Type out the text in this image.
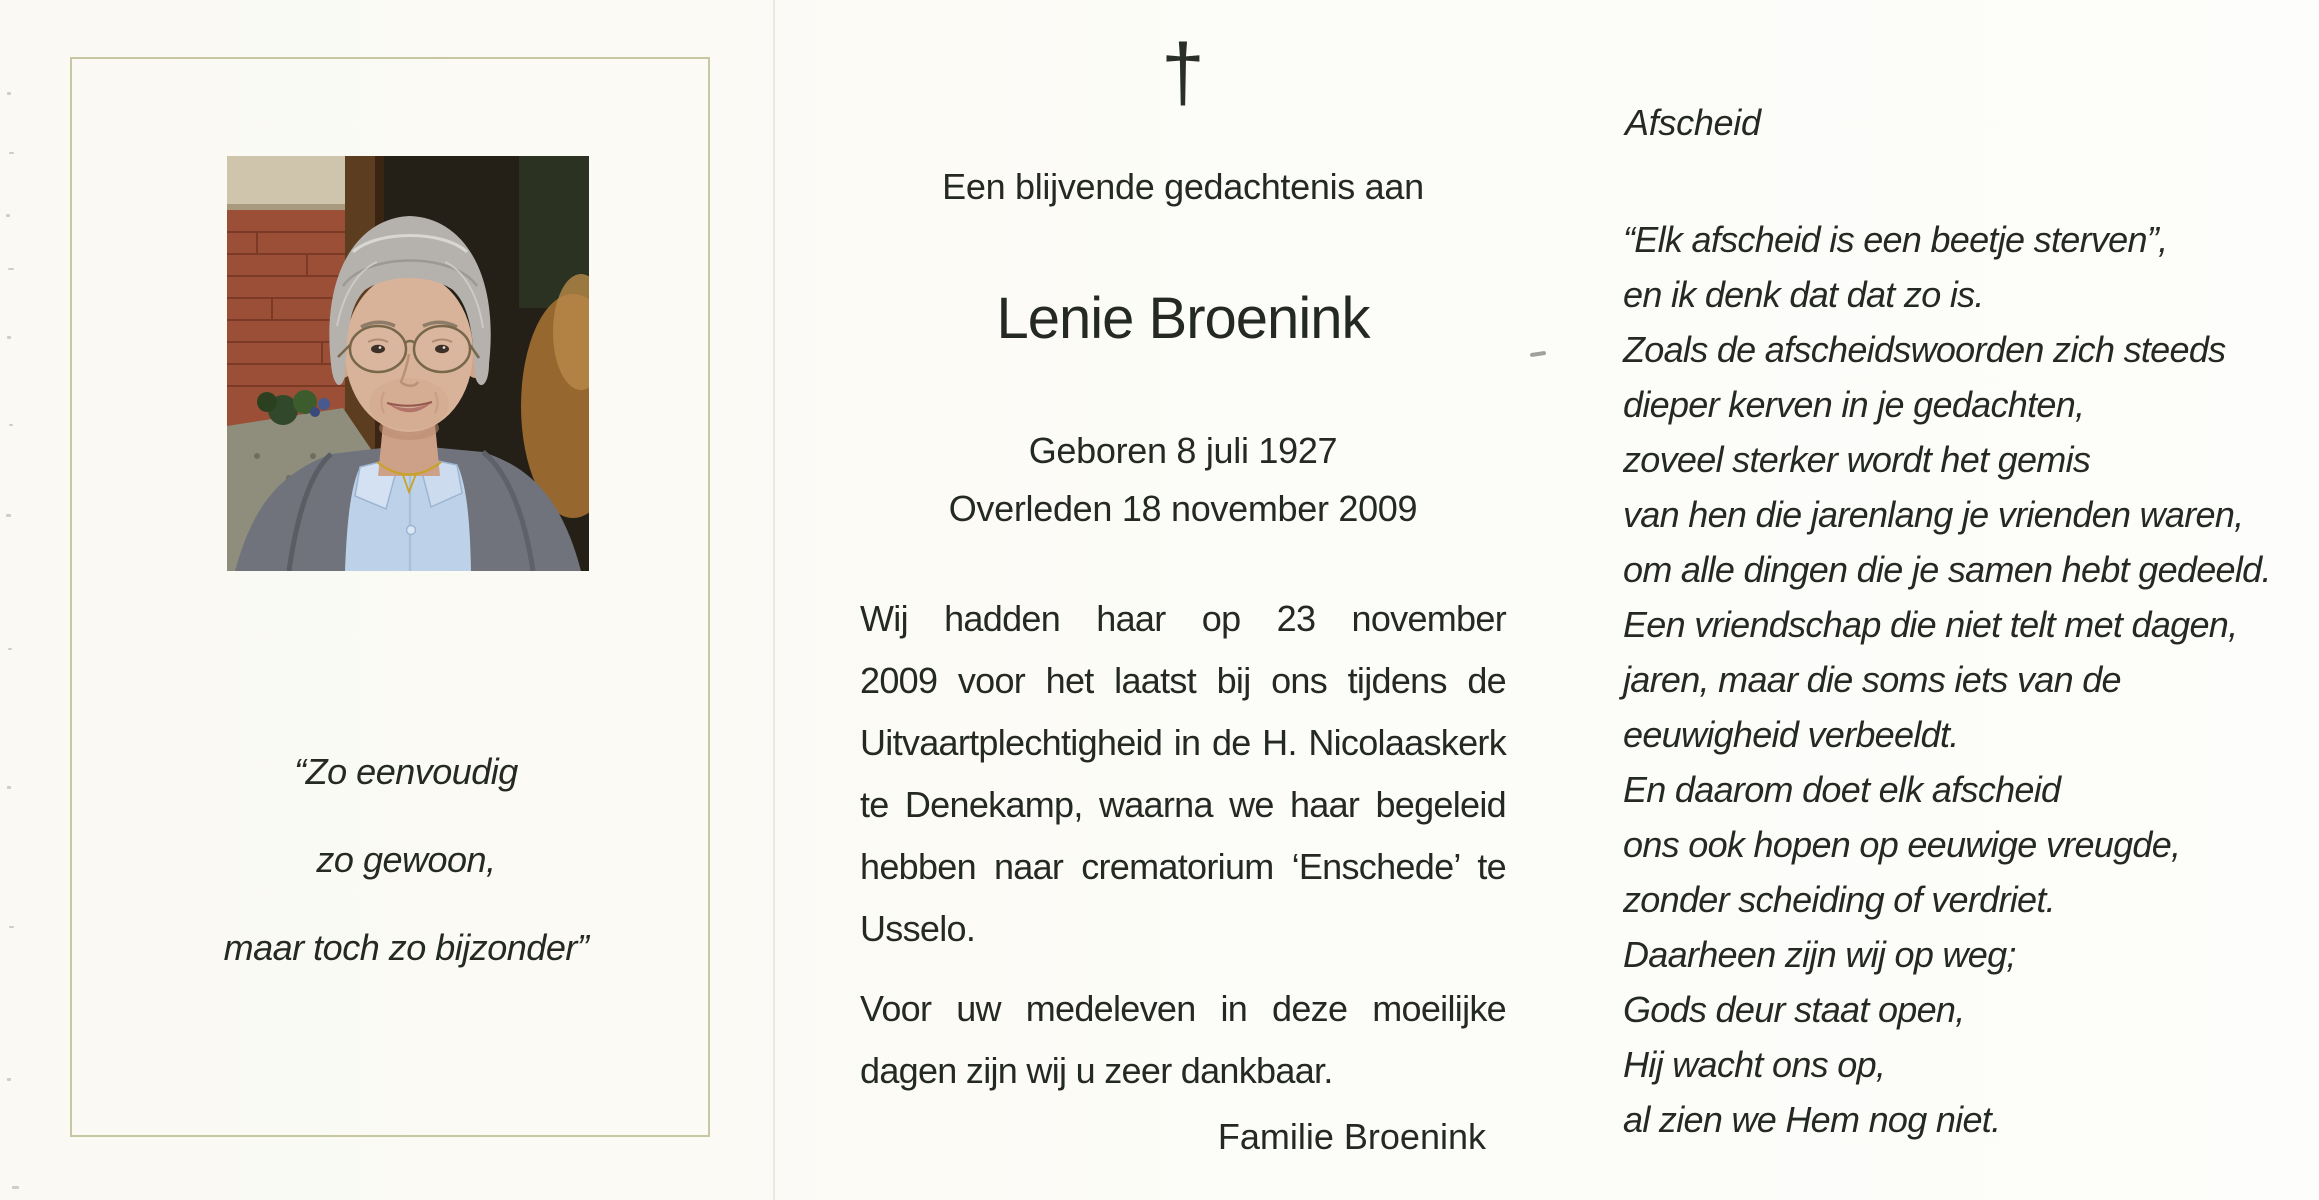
“Zo eenvoudig
zo gewoon,
maar toch zo bijzonder”
†
Een blijvende gedachtenis aan
Lenie Broenink
Geboren 8 juli 1927
Overleden 18 november 2009
Wij hadden haar op 23 november
2009 voor het laatst bij ons tijdens de
Uitvaartplechtigheid in de H. Nicolaaskerk
te Denekamp, waarna we haar begeleid
hebben naar crematorium ‘Enschede’ te
Usselo.
Voor uw medeleven in deze moeilijke
dagen zijn wij u zeer dankbaar.
Familie Broenink
Afscheid
“Elk afscheid is een beetje sterven”,
en ik denk dat dat zo is.
Zoals de afscheidswoorden zich steeds
dieper kerven in je gedachten,
zoveel sterker wordt het gemis
van hen die jarenlang je vrienden waren,
om alle dingen die je samen hebt gedeeld.
Een vriendschap die niet telt met dagen,
jaren, maar die soms iets van de
eeuwigheid verbeeldt.
En daarom doet elk afscheid
ons ook hopen op eeuwige vreugde,
zonder scheiding of verdriet.
Daarheen zijn wij op weg;
Gods deur staat open,
Hij wacht ons op,
al zien we Hem nog niet.
